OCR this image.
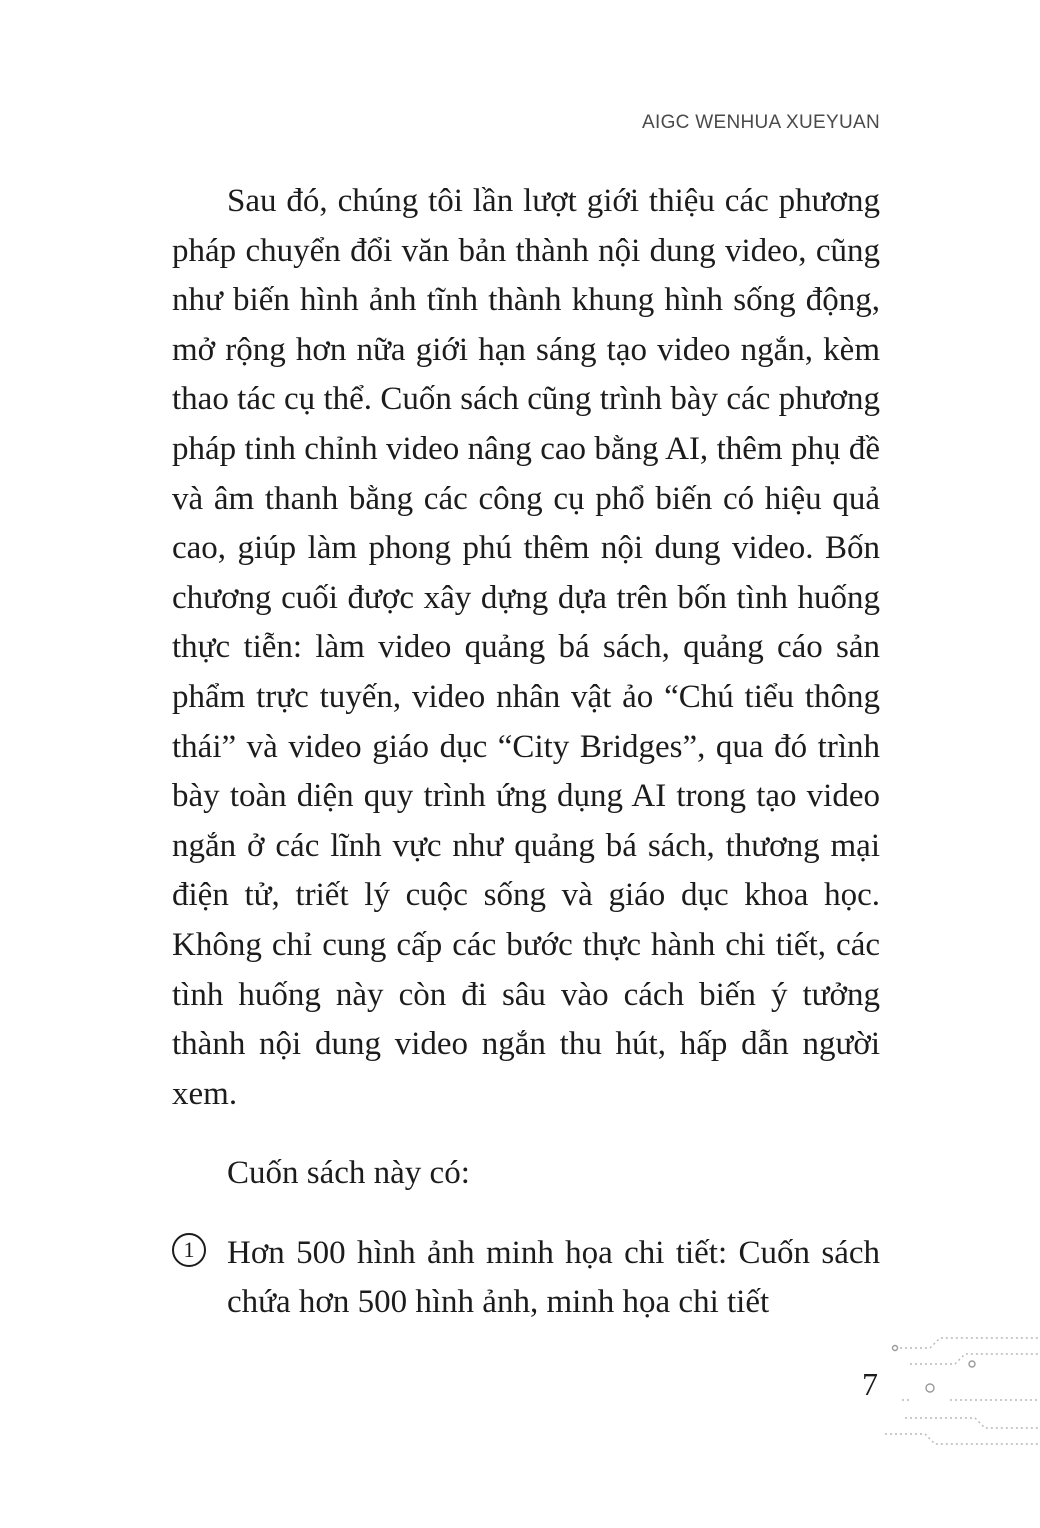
AIGC WENHUA XUEYUAN

Sau đó, chúng tôi lần lượt giới thiệu các phương pháp chuyển đổi văn bản thành nội dung video, cũng như biến hình ảnh tĩnh thành khung hình sống động, mở rộng hơn nữa giới hạn sáng tạo video ngắn, kèm thao tác cụ thể. Cuốn sách cũng trình bày các phương pháp tinh chỉnh video nâng cao bằng AI, thêm phụ đề và âm thanh bằng các công cụ phổ biến có hiệu quả cao, giúp làm phong phú thêm nội dung video. Bốn chương cuối được xây dựng dựa trên bốn tình huống thực tiễn: làm video quảng bá sách, quảng cáo sản phẩm trực tuyến, video nhân vật ảo “Chú tiểu thông thái” và video giáo dục “City Bridges”, qua đó trình bày toàn diện quy trình ứng dụng AI trong tạo video ngắn ở các lĩnh vực như quảng bá sách, thương mại điện tử, triết lý cuộc sống và giáo dục khoa học. Không chỉ cung cấp các bước thực hành chi tiết, các tình huống này còn đi sâu vào cách biến ý tưởng thành nội dung video ngắn thu hút, hấp dẫn người xem.

Cuốn sách này có:

1 Hơn 500 hình ảnh minh họa chi tiết: Cuốn sách chứa hơn 500 hình ảnh, minh họa chi tiết
7
